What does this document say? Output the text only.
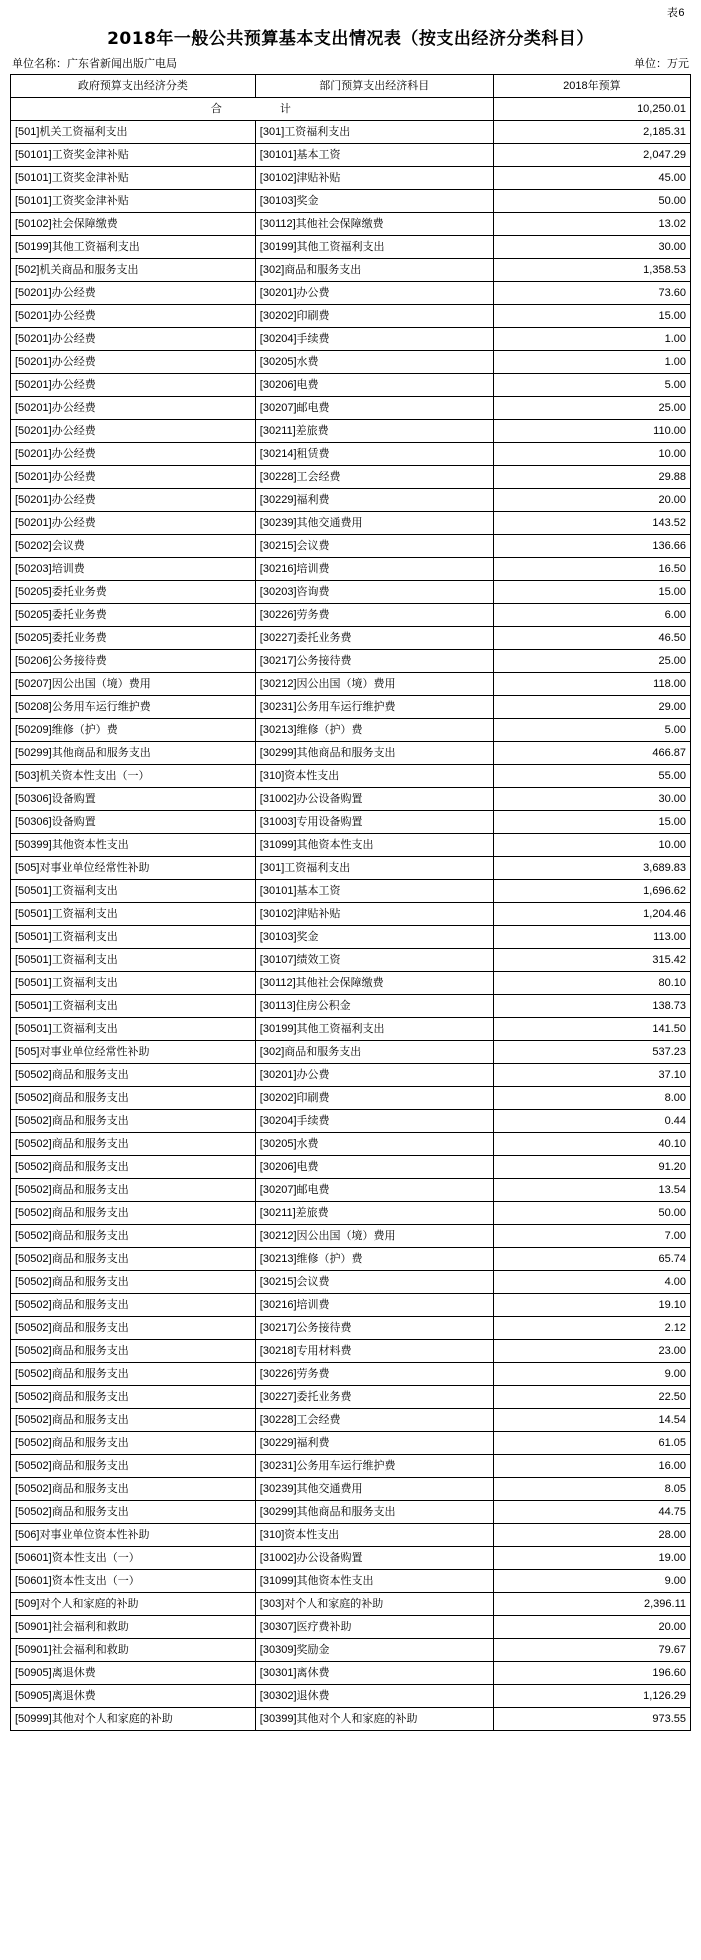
表6
2018年一般公共预算基本支出情况表（按支出经济分类科目）
单位名称：广东省新闻出版广电局	单位：万元
政府预算支出经济分类	部门预算支出经济科目	2018年预算
合　　计		10,250.01
[501]机关工资福利支出	[301]工资福利支出	2,185.31
[50101]工资奖金津补贴	[30101]基本工资	2,047.29
[50101]工资奖金津补贴	[30102]津贴补贴	45.00
[50101]工资奖金津补贴	[30103]奖金	50.00
[50102]社会保障缴费	[30112]其他社会保障缴费	13.02
[50199]其他工资福利支出	[30199]其他工资福利支出	30.00
[502]机关商品和服务支出	[302]商品和服务支出	1,358.53
[50201]办公经费	[30201]办公费	73.60
[50201]办公经费	[30202]印刷费	15.00
[50201]办公经费	[30204]手续费	1.00
[50201]办公经费	[30205]水费	1.00
[50201]办公经费	[30206]电费	5.00
[50201]办公经费	[30207]邮电费	25.00
[50201]办公经费	[30211]差旅费	110.00
[50201]办公经费	[30214]租赁费	10.00
[50201]办公经费	[30228]工会经费	29.88
[50201]办公经费	[30229]福利费	20.00
[50201]办公经费	[30239]其他交通费用	143.52
[50202]会议费	[30215]会议费	136.66
[50203]培训费	[30216]培训费	16.50
[50205]委托业务费	[30203]咨询费	15.00
[50205]委托业务费	[30226]劳务费	6.00
[50205]委托业务费	[30227]委托业务费	46.50
[50206]公务接待费	[30217]公务接待费	25.00
[50207]因公出国（境）费用	[30212]因公出国（境）费用	118.00
[50208]公务用车运行维护费	[30231]公务用车运行维护费	29.00
[50209]维修（护）费	[30213]维修（护）费	5.00
[50299]其他商品和服务支出	[30299]其他商品和服务支出	466.87
[503]机关资本性支出（一）	[310]资本性支出	55.00
[50306]设备购置	[31002]办公设备购置	30.00
[50306]设备购置	[31003]专用设备购置	15.00
[50399]其他资本性支出	[31099]其他资本性支出	10.00
[505]对事业单位经常性补助	[301]工资福利支出	3,689.83
[50501]工资福利支出	[30101]基本工资	1,696.62
[50501]工资福利支出	[30102]津贴补贴	1,204.46
[50501]工资福利支出	[30103]奖金	113.00
[50501]工资福利支出	[30107]绩效工资	315.42
[50501]工资福利支出	[30112]其他社会保障缴费	80.10
[50501]工资福利支出	[30113]住房公积金	138.73
[50501]工资福利支出	[30199]其他工资福利支出	141.50
[505]对事业单位经常性补助	[302]商品和服务支出	537.23
[50502]商品和服务支出	[30201]办公费	37.10
[50502]商品和服务支出	[30202]印刷费	8.00
[50502]商品和服务支出	[30204]手续费	0.44
[50502]商品和服务支出	[30205]水费	40.10
[50502]商品和服务支出	[30206]电费	91.20
[50502]商品和服务支出	[30207]邮电费	13.54
[50502]商品和服务支出	[30211]差旅费	50.00
[50502]商品和服务支出	[30212]因公出国（境）费用	7.00
[50502]商品和服务支出	[30213]维修（护）费	65.74
[50502]商品和服务支出	[30215]会议费	4.00
[50502]商品和服务支出	[30216]培训费	19.10
[50502]商品和服务支出	[30217]公务接待费	2.12
[50502]商品和服务支出	[30218]专用材料费	23.00
[50502]商品和服务支出	[30226]劳务费	9.00
[50502]商品和服务支出	[30227]委托业务费	22.50
[50502]商品和服务支出	[30228]工会经费	14.54
[50502]商品和服务支出	[30229]福利费	61.05
[50502]商品和服务支出	[30231]公务用车运行维护费	16.00
[50502]商品和服务支出	[30239]其他交通费用	8.05
[50502]商品和服务支出	[30299]其他商品和服务支出	44.75
[506]对事业单位资本性补助	[310]资本性支出	28.00
[50601]资本性支出（一）	[31002]办公设备购置	19.00
[50601]资本性支出（一）	[31099]其他资本性支出	9.00
[509]对个人和家庭的补助	[303]对个人和家庭的补助	2,396.11
[50901]社会福利和救助	[30307]医疗费补助	20.00
[50901]社会福利和救助	[30309]奖励金	79.67
[50905]离退休费	[30301]离休费	196.60
[50905]离退休费	[30302]退休费	1,126.29
[50999]其他对个人和家庭的补助	[30399]其他对个人和家庭的补助	973.55
